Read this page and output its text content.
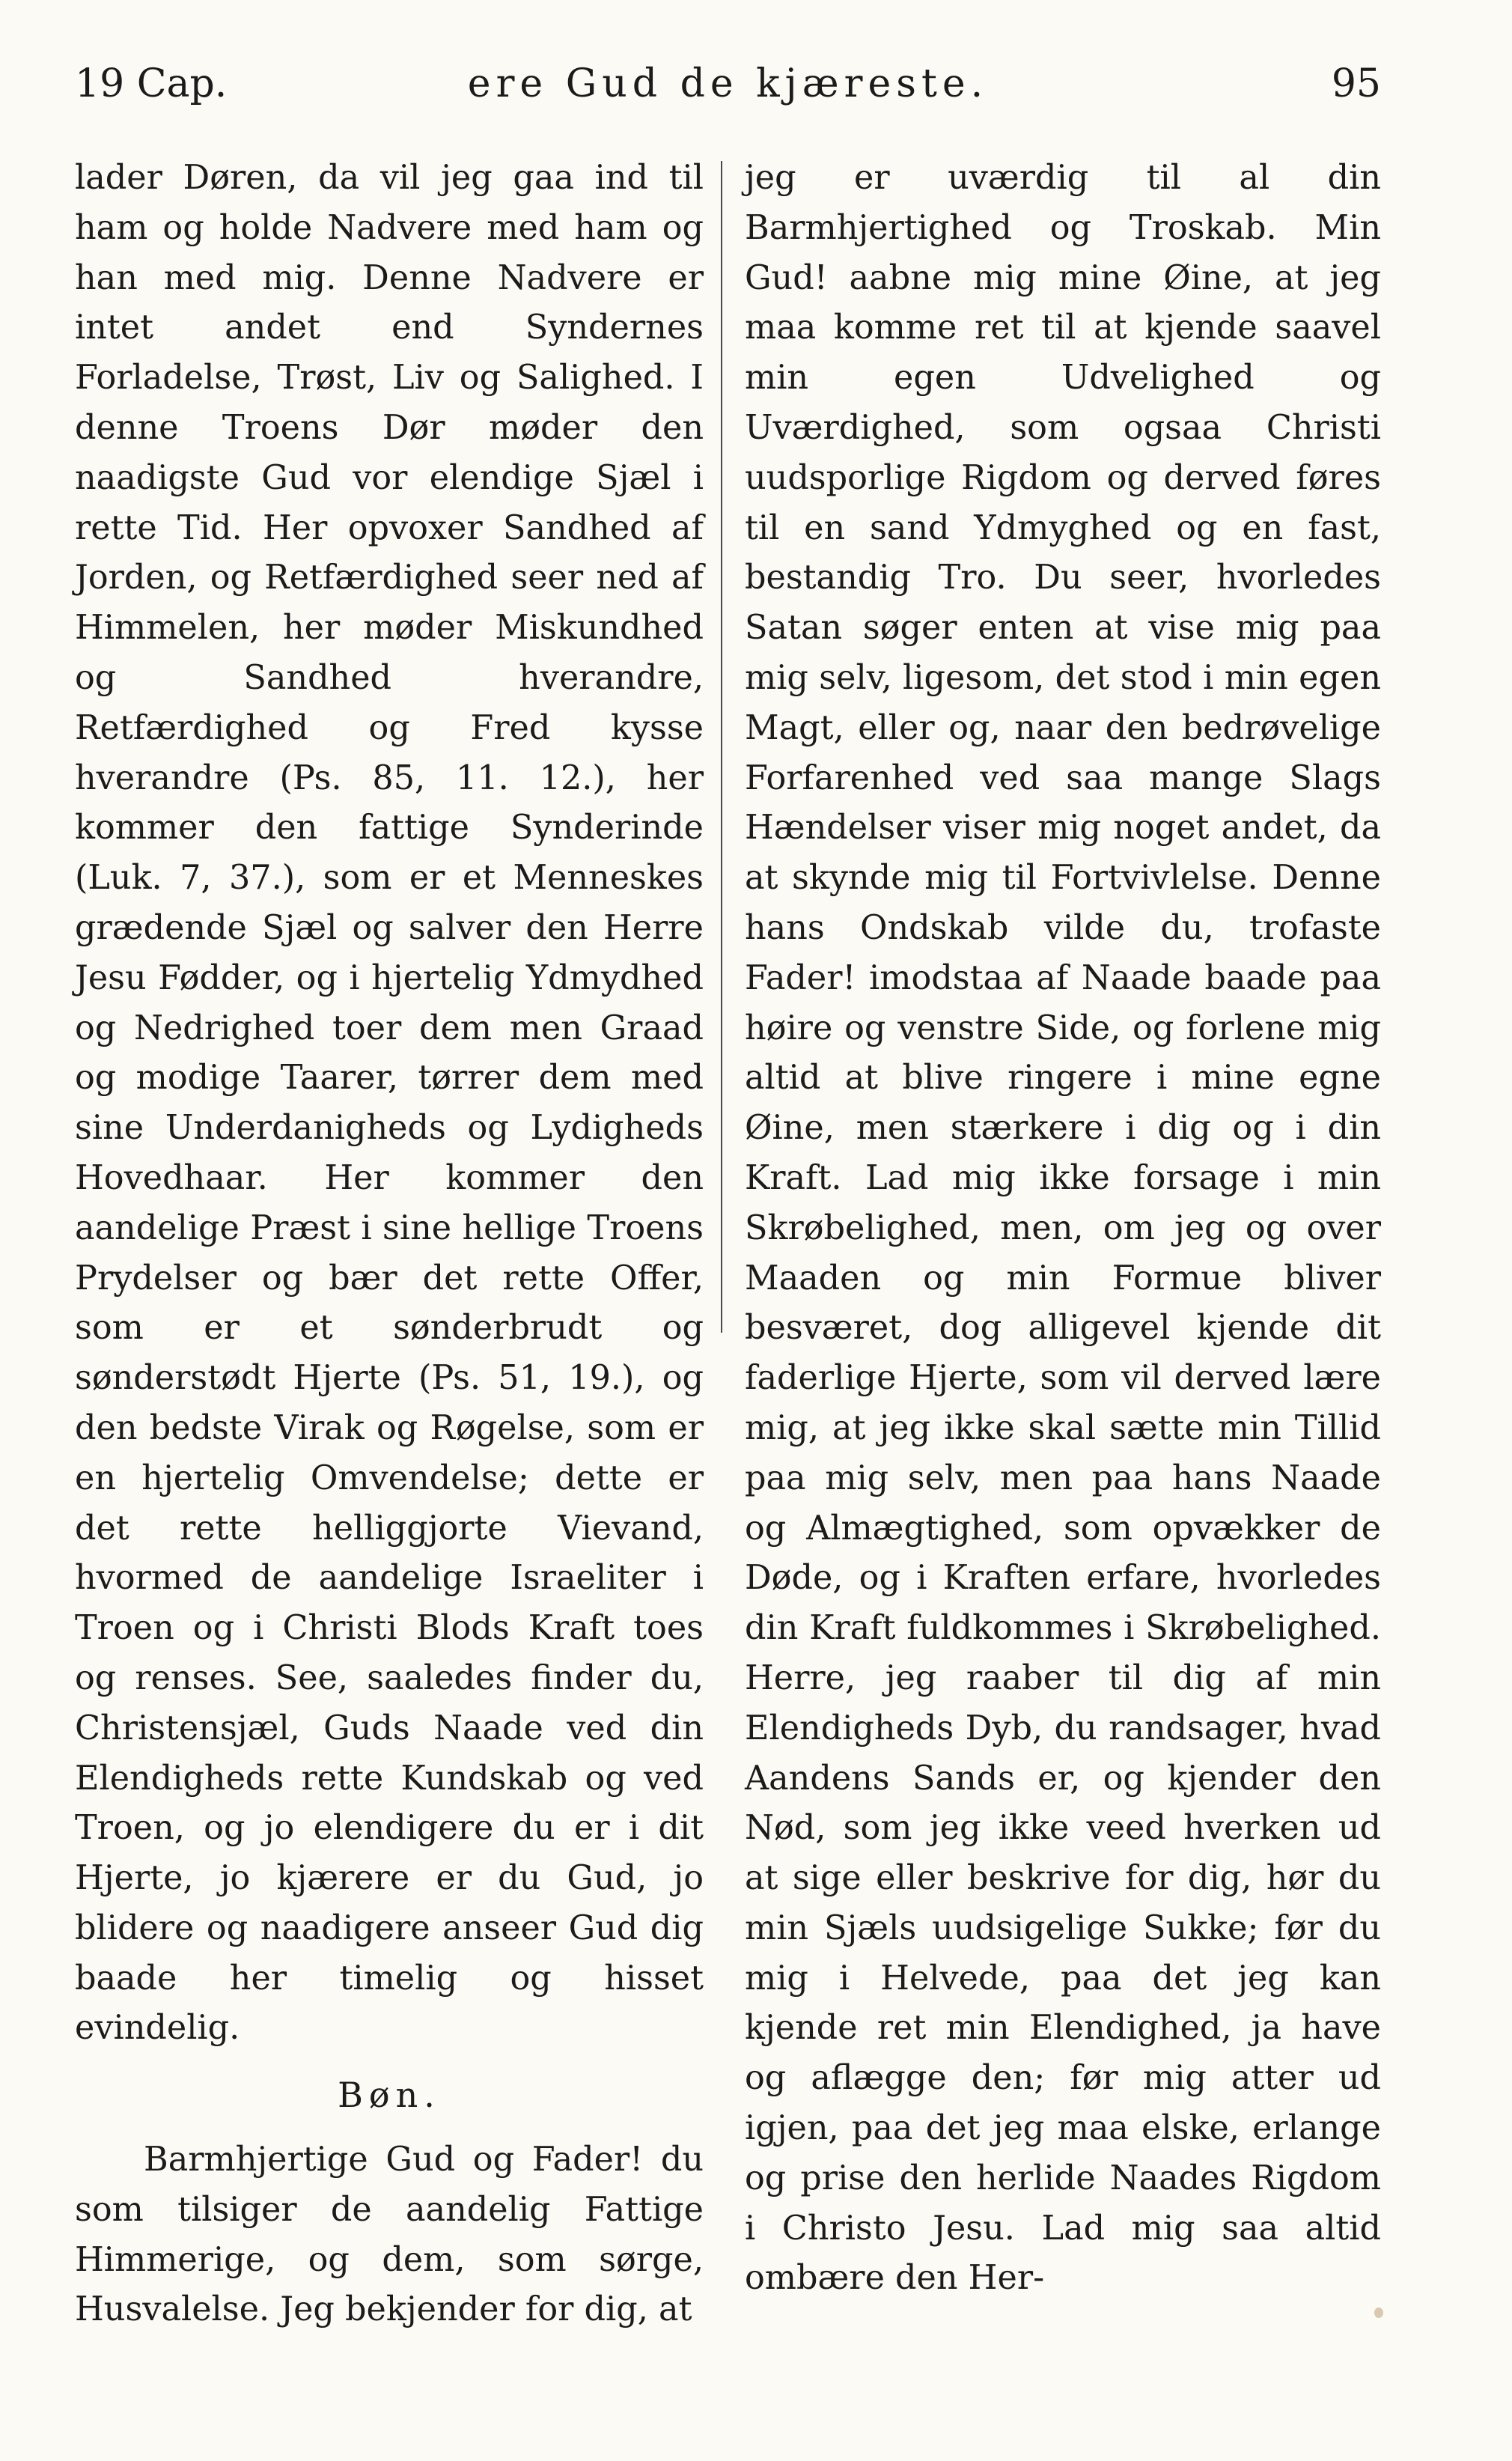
19 Cap.	ere Gud de kjæreste.	95

lader Døren, da vil jeg gaa ind til ham og holde Nadvere med ham og han med mig. Denne Nadvere er intet andet end Syndernes Forladelse, Trøst, Liv og Salighed. I denne Troens Dør møder den naadigste Gud vor elendige Sjæl i rette Tid. Her opvoxer Sandhed af Jorden, og Retfærdighed seer ned af Himmelen, her møder Miskundhed og Sandhed hverandre, Retfærdighed og Fred kysse hverandre (Ps. 85, 11. 12.), her kommer den fattige Synderinde (Luk. 7, 37.), som er et Menneskes grædende Sjæl og salver den Herre Jesu Fødder, og i hjertelig Ydmydhed og Nedrighed toer dem men Graad og modige Taarer, tørrer dem med sine Underdanigheds og Lydigheds Hovedhaar. Her kommer den aandelige Præst i sine hellige Troens Prydelser og bær det rette Offer, som er et sønderbrudt og sønderstødt Hjerte (Ps. 51, 19.), og den bedste Virak og Røgelse, som er en hjertelig Omvendelse; dette er det rette helliggjorte Vievand, hvormed de aandelige Israeliter i Troen og i Christi Blods Kraft toes og renses. See, saaledes finder du, Christensjæl, Guds Naade ved din Elendigheds rette Kundskab og ved Troen, og jo elendigere du er i dit Hjerte, jo kjærere er du Gud, jo blidere og naadigere anseer Gud dig baade her timelig og hisset evindelig.

Bøn.

Barmhjertige Gud og Fader! du som tilsiger de aandelig Fattige Himmerige, og dem, som sørge, Husvalelse. Jeg bekjender for dig, at

jeg er uværdig til al din Barmhjertighed og Troskab. Min Gud! aabne mig mine Øine, at jeg maa komme ret til at kjende saavel min egen Udvelighed og Uværdighed, som ogsaa Christi uudsporlige Rigdom og derved føres til en sand Ydmyghed og en fast, bestandig Tro. Du seer, hvorledes Satan søger enten at vise mig paa mig selv, ligesom, det stod i min egen Magt, eller og, naar den bedrøvelige Forfarenhed ved saa mange Slags Hændelser viser mig noget andet, da at skynde mig til Fortvivlelse. Denne hans Ondskab vilde du, trofaste Fader! imodstaa af Naade baade paa høire og venstre Side, og forlene mig altid at blive ringere i mine egne Øine, men stærkere i dig og i din Kraft. Lad mig ikke forsage i min Skrøbelighed, men, om jeg og over Maaden og min Formue bliver besværet, dog alligevel kjende dit faderlige Hjerte, som vil derved lære mig, at jeg ikke skal sætte min Tillid paa mig selv, men paa hans Naade og Almægtighed, som opvækker de Døde, og i Kraften erfare, hvorledes din Kraft fuldkommes i Skrøbelighed. Herre, jeg raaber til dig af min Elendigheds Dyb, du randsager, hvad Aandens Sands er, og kjender den Nød, som jeg ikke veed hverken ud at sige eller beskrive for dig, hør du min Sjæls uudsigelige Sukke; før du mig i Helvede, paa det jeg kan kjende ret min Elendighed, ja have og aflægge den; før mig atter ud igjen, paa det jeg maa elske, erlange og prise den herlide Naades Rigdom i Christo Jesu. Lad mig saa altid ombære den Her-
